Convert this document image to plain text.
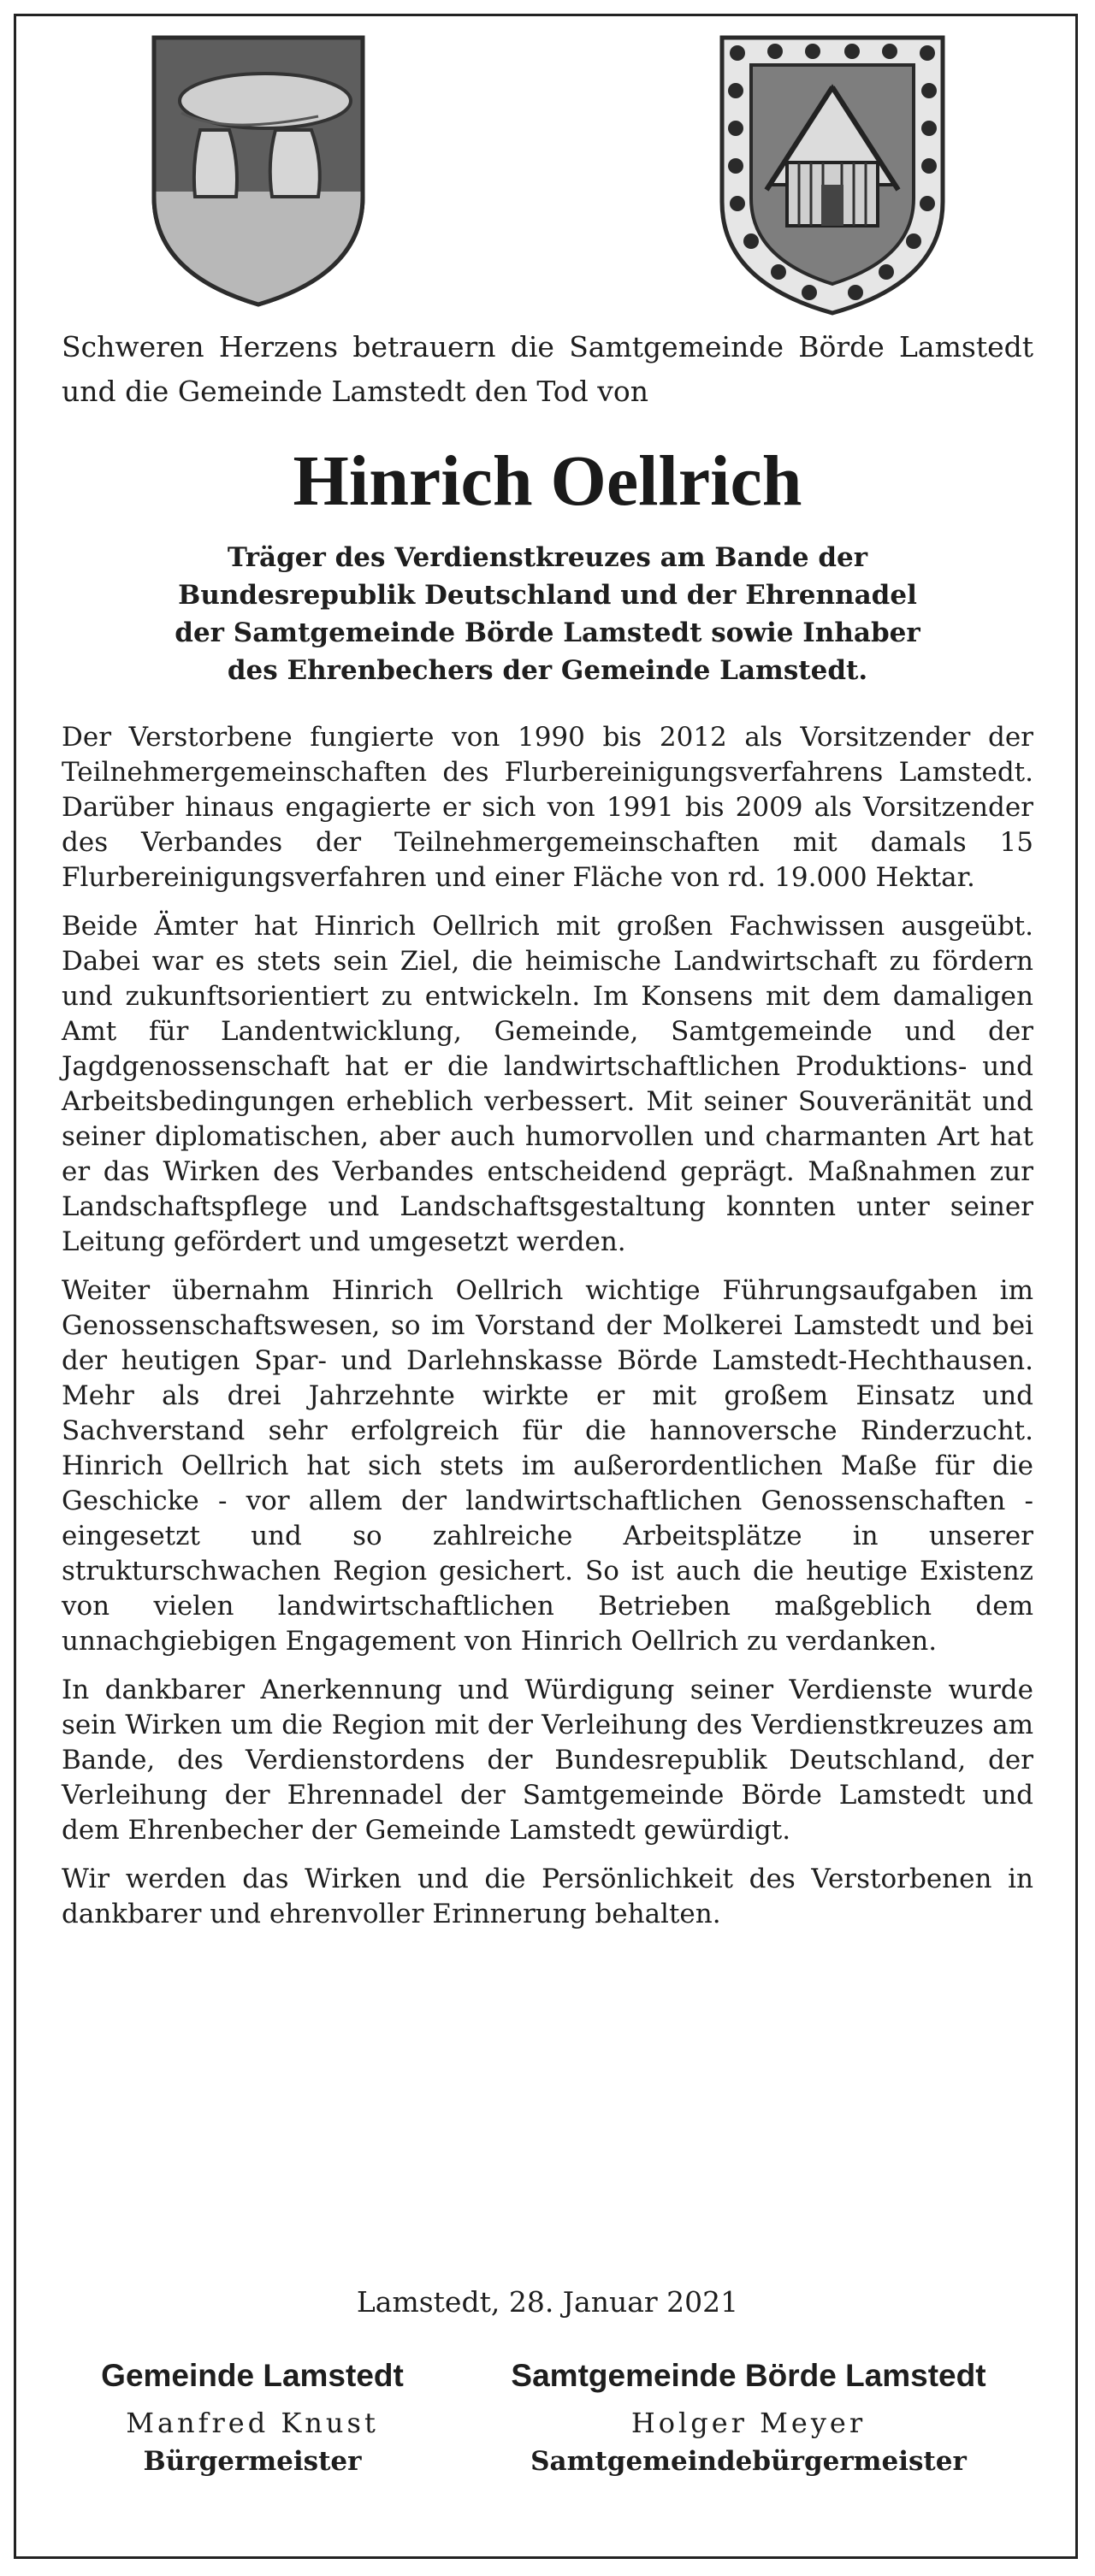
Schweren Herzens betrauern die Samtgemeinde Börde Lamstedt und die Gemeinde Lamstedt den Tod von
Hinrich Oellrich
Träger des Verdienstkreuzes am Bande der
Bundesrepublik Deutschland und der Ehrennadel
der Samtgemeinde Börde Lamstedt sowie Inhaber
des Ehrenbechers der Gemeinde Lamstedt.

Der Verstorbene fungierte von 1990 bis 2012 als Vorsitzender der Teilnehmergemeinschaften des Flurbereinigungsverfahrens Lamstedt. Darüber hinaus engagierte er sich von 1991 bis 2009 als Vorsitzender des Verbandes der Teilnehmergemeinschaften mit damals 15 Flurbereinigungsverfahren und einer Fläche von rd. 19.000 Hektar.

Beide Ämter hat Hinrich Oellrich mit großen Fachwissen ausgeübt. Dabei war es stets sein Ziel, die heimische Landwirtschaft zu fördern und zukunftsorientiert zu entwickeln. Im Konsens mit dem damaligen Amt für Landentwicklung, Gemeinde, Samtgemeinde und der Jagdgenossenschaft hat er die landwirtschaftlichen Produktions- und Arbeitsbedingungen erheblich verbessert. Mit seiner Souveränität und seiner diplomatischen, aber auch humorvollen und charmanten Art hat er das Wirken des Verbandes entscheidend geprägt. Maßnahmen zur Landschaftspflege und Landschaftsgestaltung konnten unter seiner Leitung gefördert und umgesetzt werden.

Weiter übernahm Hinrich Oellrich wichtige Führungsaufgaben im Genossenschaftswesen, so im Vorstand der Molkerei Lamstedt und bei der heutigen Spar- und Darlehnskasse Börde Lamstedt-Hechthausen. Mehr als drei Jahrzehnte wirkte er mit großem Einsatz und Sachverstand sehr erfolgreich für die hannoversche Rinderzucht. Hinrich Oellrich hat sich stets im außerordentlichen Maße für die Geschicke - vor allem der landwirtschaftlichen Genossenschaften - eingesetzt und so zahlreiche Arbeitsplätze in unserer strukturschwachen Region gesichert. So ist auch die heutige Existenz von vielen landwirtschaftlichen Betrieben maßgeblich dem unnachgiebigen Engagement von Hinrich Oellrich zu verdanken.

In dankbarer Anerkennung und Würdigung seiner Verdienste wurde sein Wirken um die Region mit der Verleihung des Verdienstkreuzes am Bande, des Verdienstordens der Bundesrepublik Deutschland, der Verleihung der Ehrennadel der Samtgemeinde Börde Lamstedt und dem Ehrenbecher der Gemeinde Lamstedt gewürdigt.

Wir werden das Wirken und die Persönlichkeit des Verstorbenen in dankbarer und ehrenvoller Erinnerung behalten.

Lamstedt, 28. Januar 2021
Gemeinde Lamstedt
Manfred Knust
Bürgermeister
Samtgemeinde Börde Lamstedt
Holger Meyer
Samtgemeindebürgermeister
